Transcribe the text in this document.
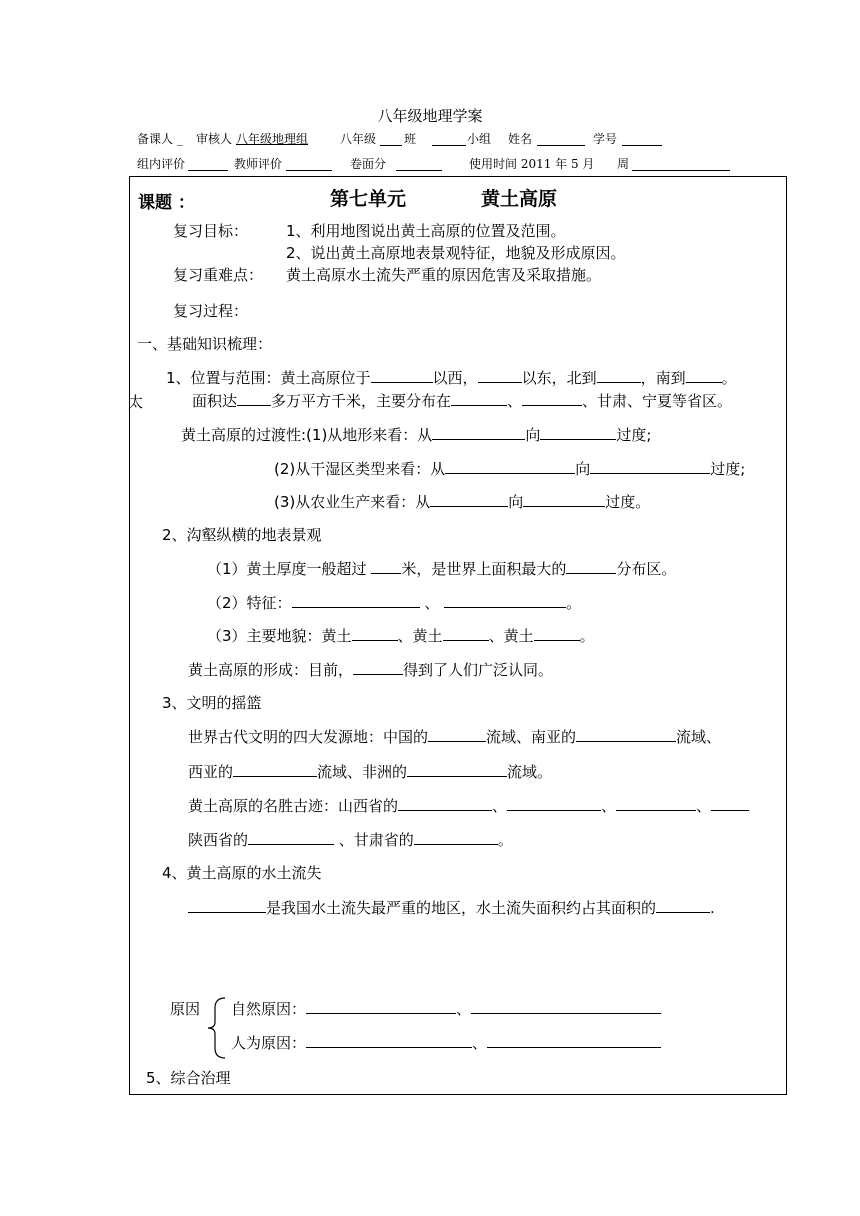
八年级地理学案
备课人 _ 审核人 八年级地理组	八年级 班	小组 姓名	学号
组内评价	教师评价	卷面分	使用时间 2011 年 5 月 周
课题 ：	第七单元	黄土高原
复习目标：	1、利用地图说出黄土高原的位置及范围。
2、说出黄土高原地表景观特征，地貌及形成原因。
复习重难点： 黄土高原水土流失严重的原因危害及采取措施。
复习过程：
一、基础知识梳理：
1、位置与范围：黄土高原位于	以西，	以东，北到	，南到 。
太	面积达 多万平方千米，主要分布在	、	、甘肃、宁夏等省区。
黄土高原的过渡性:(1)从地形来看：从	向	过度;
(2)从干湿区类型来看：从	向	过度;
(3)从农业生产来看：从	向	过度。
2、沟壑纵横的地表景观
（1）黄土厚度一般超过 米，是世界上面积最大的	分布区。
（2）特征：	、	。
（3）主要地貌：黄土	、黄土	、黄土	。
黄土高原的形成：目前，	得到了人们广泛认同。
3、文明的摇篮
世界古代文明的四大发源地：中国的	流域、南亚的	流域、
西亚的	流域、非洲的	流域。
黄土高原的名胜古迹：山西省的	、	、	、
陕西省的	、甘肃省的	。
4、黄土高原的水土流失
是我国水土流失最严重的地区，水土流失面积约占其面积的	.
原因 自然原因：	、
人为原因：	、
5、综合治理
